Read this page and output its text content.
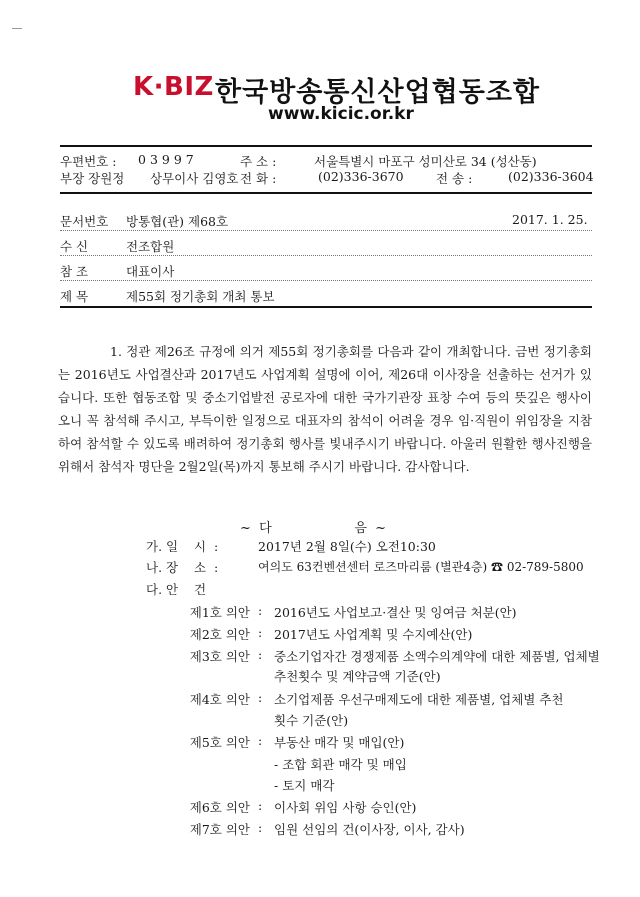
K·BIZ 한국방송통신산업협동조합
www.kicic.or.kr
우편번호 : 03997	주 소 :	서울특별시 마포구 성미산로 34 (성산동)
부장 장원정 상무이사 김영호 전 화 :	(02)336-3670	전 송 :	(02)336-3604
문서번호 방통협(관) 제68호	2017. 1. 25.
수 신	전조합원
참 조	대표이사
제 목	제55회 정기총회 개최 통보

1. 정관 제26조 규정에 의거 제55회 정기총회를 다음과 같이 개최합니다. 금번 정기총회는 2016년도 사업결산과 2017년도 사업계획 설명에 이어, 제26대 이사장을 선출하는 선거가 있습니다. 또한 협동조합 및 중소기업발전 공로자에 대한 국가기관장 표창 수여 등의 뜻깊은 행사이오니 꼭 참석해 주시고, 부득이한 일정으로 대표자의 참석이 어려울 경우 임·직원이 위임장을 지참하여 참석할 수 있도록 배려하여 정기총회 행사를 빛내주시기 바랍니다. 아울러 원활한 행사진행을 위해서 참석자 명단을 2월2일(목)까지 통보해 주시기 바랍니다. 감사합니다.

~  다                    음  ~
가. 일    시  :	2017년 2월 8일(수) 오전10:30
나. 장    소  :	여의도 63컨벤션센터 로즈마리룸 (별관4층) ☎ 02-789-5800
다. 안    건
제1호 의안 : 2016년도 사업보고·결산 및 잉여금 처분(안)
제2호 의안 : 2017년도 사업계획 및 수지예산(안)
제3호 의안 : 중소기업자간 경쟁제품 소액수의계약에 대한 제품별, 업체별
추천횟수 및 계약금액 기준(안)
제4호 의안 : 소기업제품 우선구매제도에 대한 제품별, 업체별 추천
횟수 기준(안)
제5호 의안 : 부동산 매각 및 매입(안)
- 조합 회관 매각 및 매입
- 토지 매각
제6호 의안 : 이사회 위임 사항 승인(안)
제7호 의안 : 임원 선임의 건(이사장, 이사, 감사)
